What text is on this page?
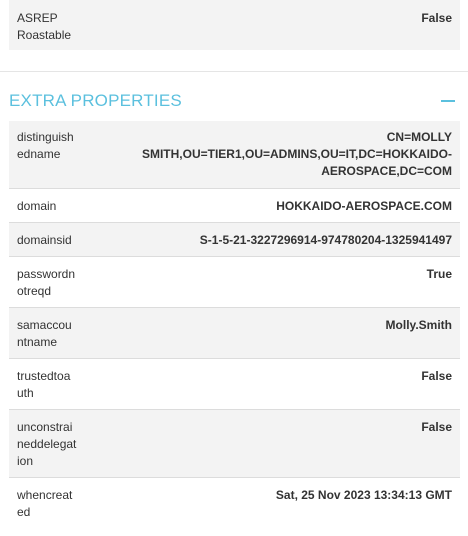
ASREP Roastable
False
EXTRA PROPERTIES
distinguishedname
CN=MOLLY SMITH,OU=TIER1,OU=ADMINS,OU=IT,DC=HOKKAIDO-AEROSPACE,DC=COM
domain	HOKKAIDO-AEROSPACE.COM
domainsid	S-1-5-21-3227296914-974780204-1325941497
passwordnotreqd
True
samaccountname
Molly.Smith
trustedtoauth
False
unconstraineddelegation
False
whencreated
Sat, 25 Nov 2023 13:34:13 GMT
